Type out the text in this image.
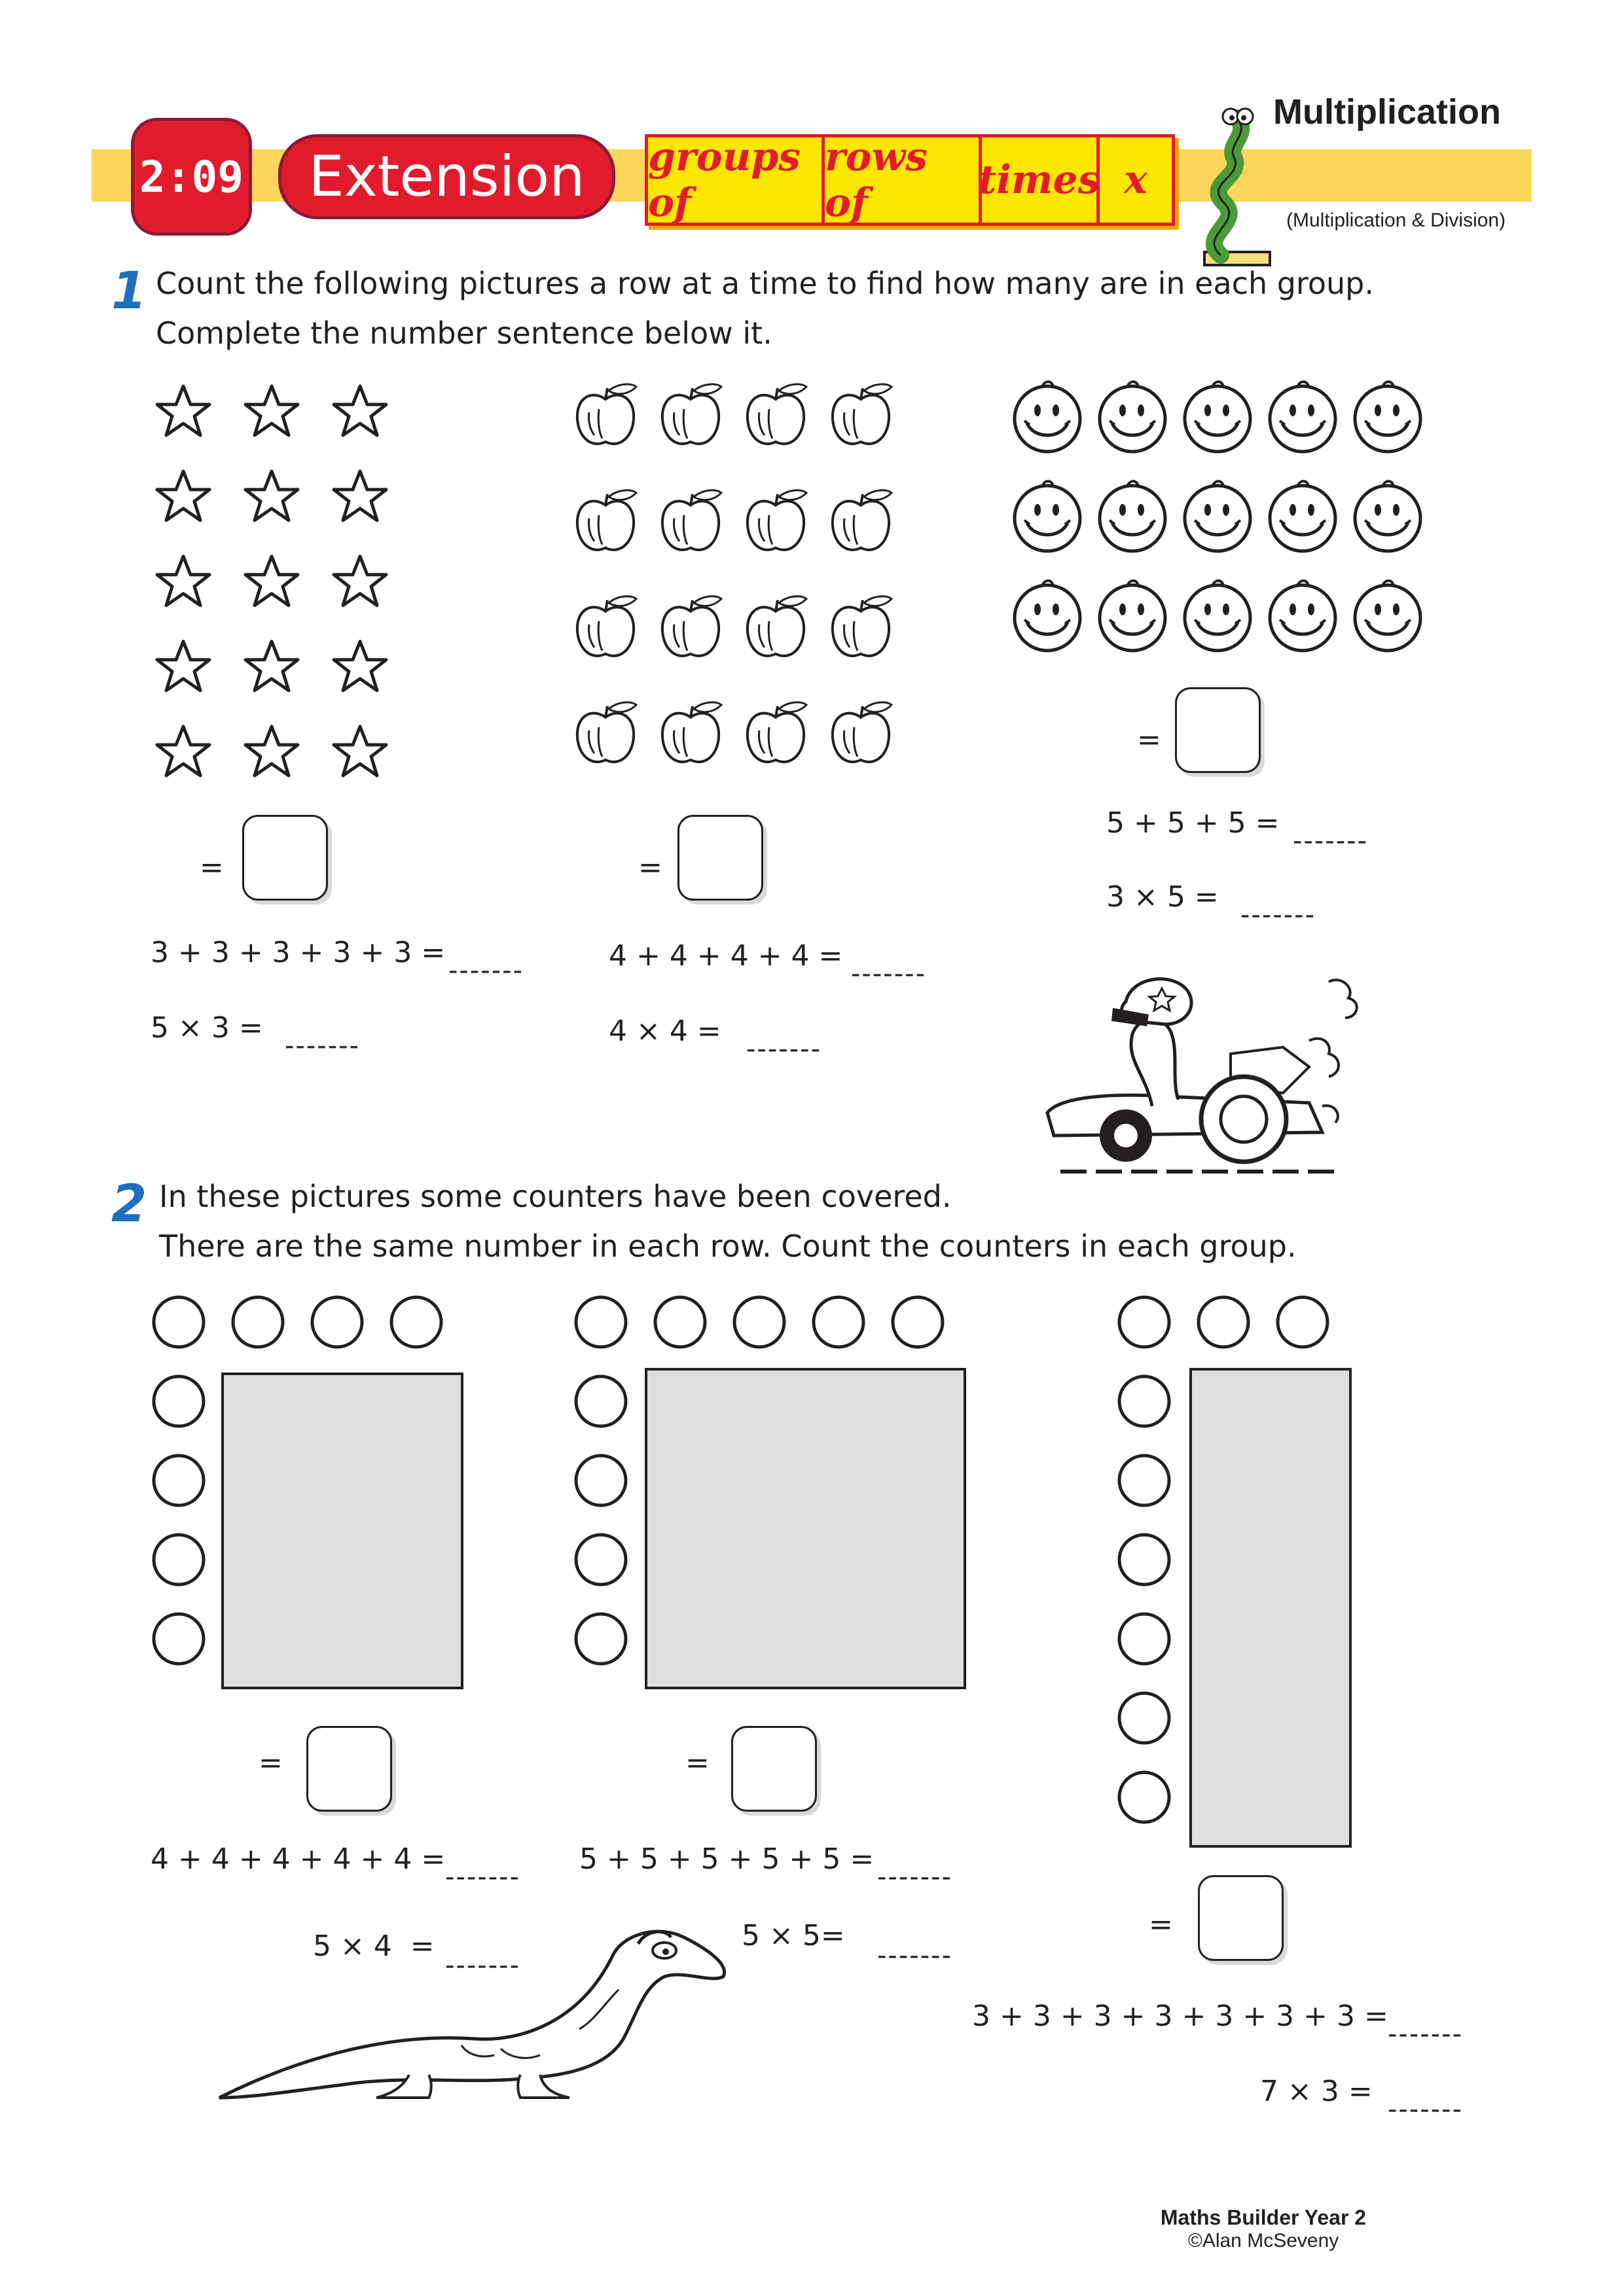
2:09	Extension	groups of
rows of	times x
Multiplication
(Multiplication & Division)
1 Count the following pictures a row at a time to find how many are in each group.
Complete the number sentence below it.
=
3 + 3 + 3 + 3 + 3 =
-------
5 × 3 =
-------
=
4 + 4 + 4 + 4 =
-------
4 × 4 =
-------
=
5 + 5 + 5 =
-------
3 × 5 =
-------
2 In these pictures some counters have been covered.
There are the same number in each row. Count the counters in each group.
=
4 + 4 + 4 + 4 + 4 =
-------
5 × 4  =
-------
=
5 + 5 + 5 + 5 + 5 =
-------
5 × 5=
-------
=
3 + 3 + 3 + 3 + 3 + 3 + 3 =
-------
7 × 3 =
-------
Maths Builder Year 2
©Alan McSeveny
